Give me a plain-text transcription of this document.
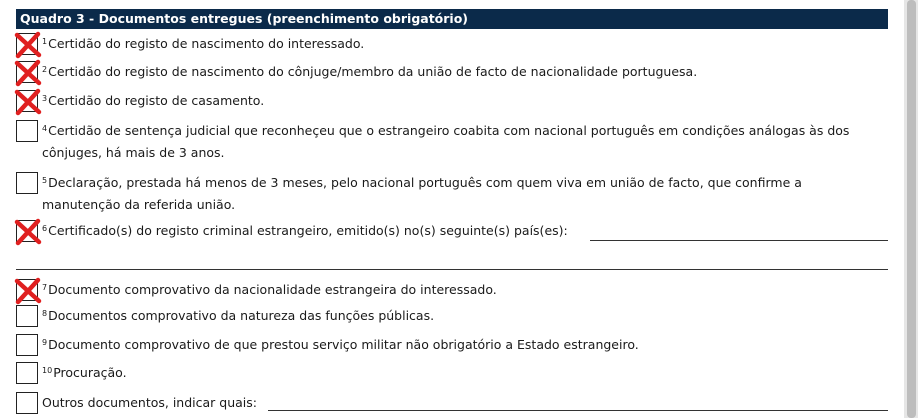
Quadro 3 - Documentos entregues (preenchimento obrigatório)
$^1$Certidão do registo de nascimento do interessado.
$^2$Certidão do registo de nascimento do cônjuge/membro da união de facto de nacionalidade portuguesa.
$^3$Certidão do registo de casamento.
$^4$Certidão de sentença judicial que reconheçeu que o estrangeiro coabita com nacional português em condições análogas às dos
cônjuges, há mais de 3 anos.
$^5$Declaração, prestada há menos de 3 meses, pelo nacional português com quem viva em união de facto, que confirme a
manutenção da referida união.
$^6$Certificado(s) do registo criminal estrangeiro, emitido(s) no(s) seguinte(s) país(es):
$^7$Documento comprovativo da nacionalidade estrangeira do interessado.
$^8$Documentos comprovativo da natureza das funções públicas.
$^9$Documento comprovativo de que prestou serviço militar não obrigatório a Estado estrangeiro.
$^{10}$Procuração.
Outros documentos, indicar quais:
